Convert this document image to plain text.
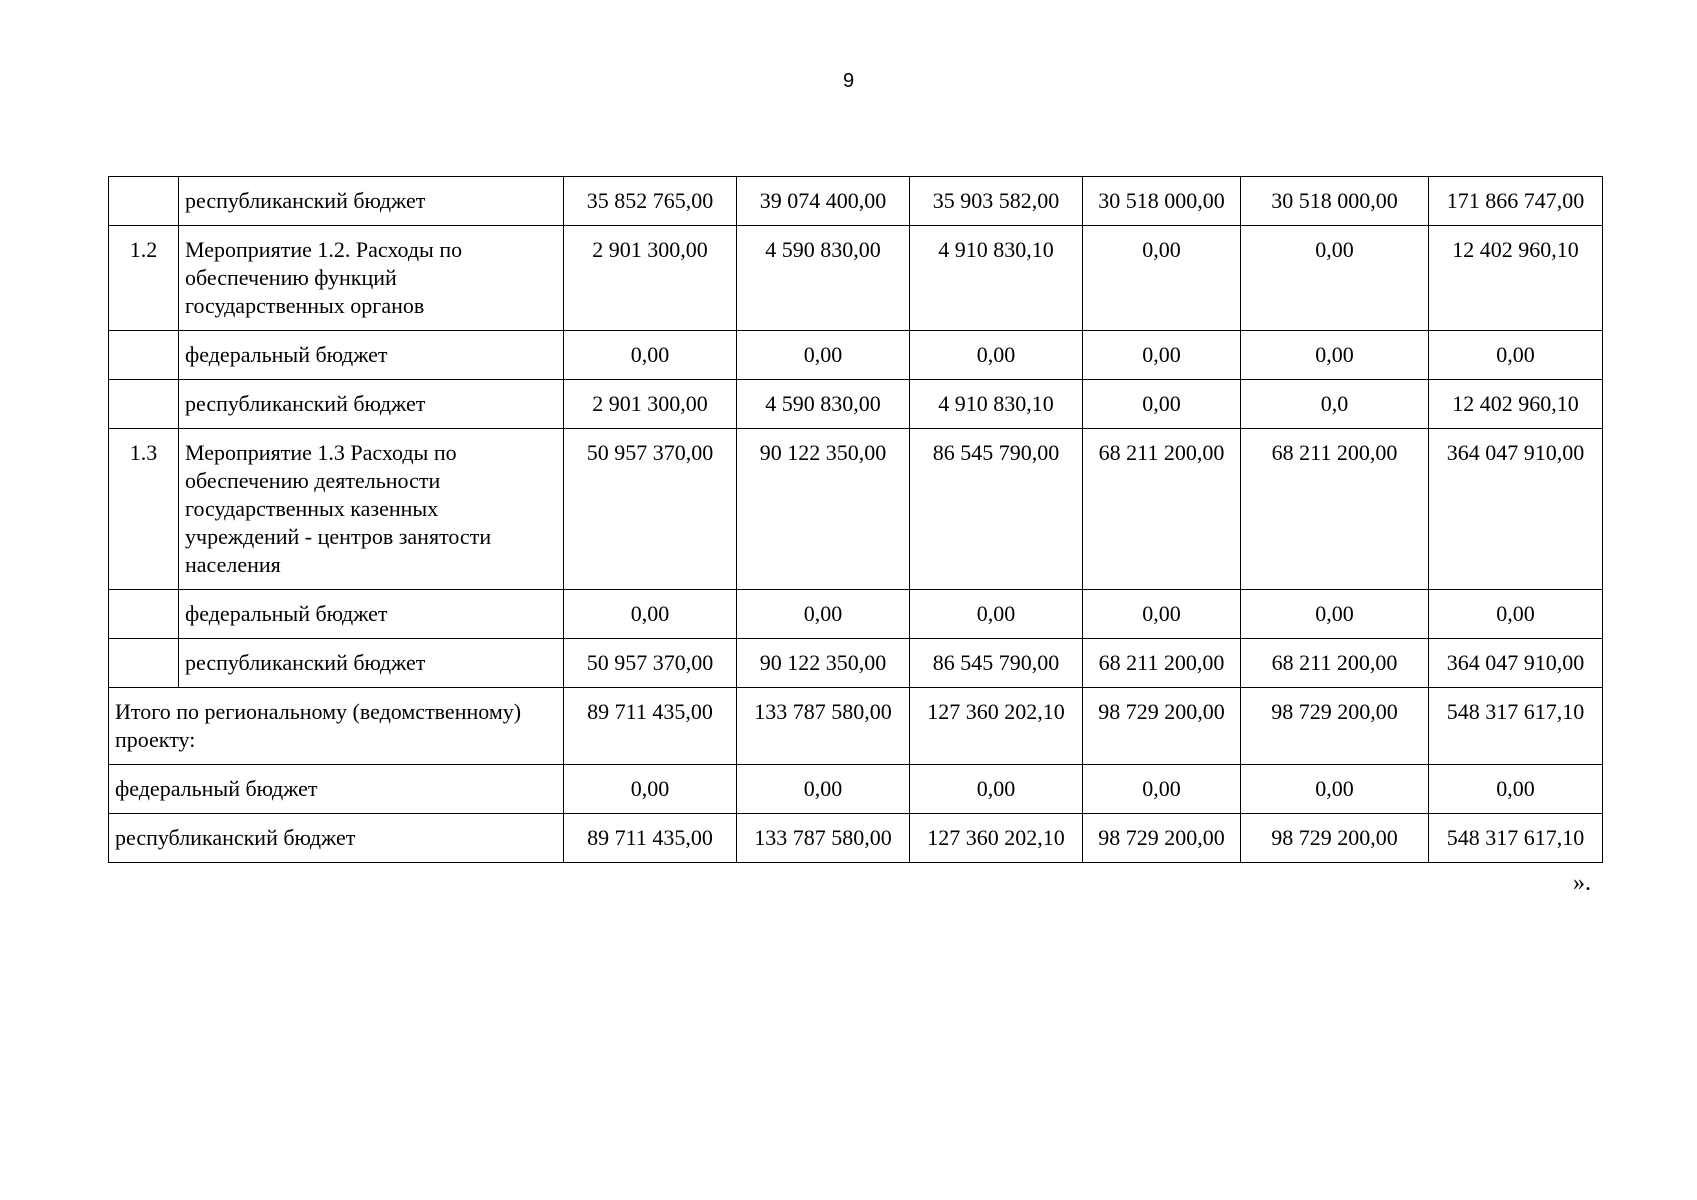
9
	республиканский бюджет	35 852 765,00	39 074 400,00	35 903 582,00	30 518 000,00	30 518 000,00	171 866 747,00
1.2	Мероприятие 1.2. Расходы по обеспечению функций государственных органов	2 901 300,00	4 590 830,00	4 910 830,10	0,00	0,00	12 402 960,10
	федеральный бюджет	0,00	0,00	0,00	0,00	0,00	0,00
	республиканский бюджет	2 901 300,00	4 590 830,00	4 910 830,10	0,00	0,0	12 402 960,10
1.3	Мероприятие 1.3 Расходы по обеспечению деятельности государственных казенных учреждений - центров занятости населения	50 957 370,00	90 122 350,00	86 545 790,00	68 211 200,00	68 211 200,00	364 047 910,00
	федеральный бюджет	0,00	0,00	0,00	0,00	0,00	0,00
	республиканский бюджет	50 957 370,00	90 122 350,00	86 545 790,00	68 211 200,00	68 211 200,00	364 047 910,00
Итого по региональному (ведомственному) проекту:		89 711 435,00	133 787 580,00	127 360 202,10	98 729 200,00	98 729 200,00	548 317 617,10
федеральный бюджет		0,00	0,00	0,00	0,00	0,00	0,00
республиканский бюджет		89 711 435,00	133 787 580,00	127 360 202,10	98 729 200,00	98 729 200,00	548 317 617,10
».
